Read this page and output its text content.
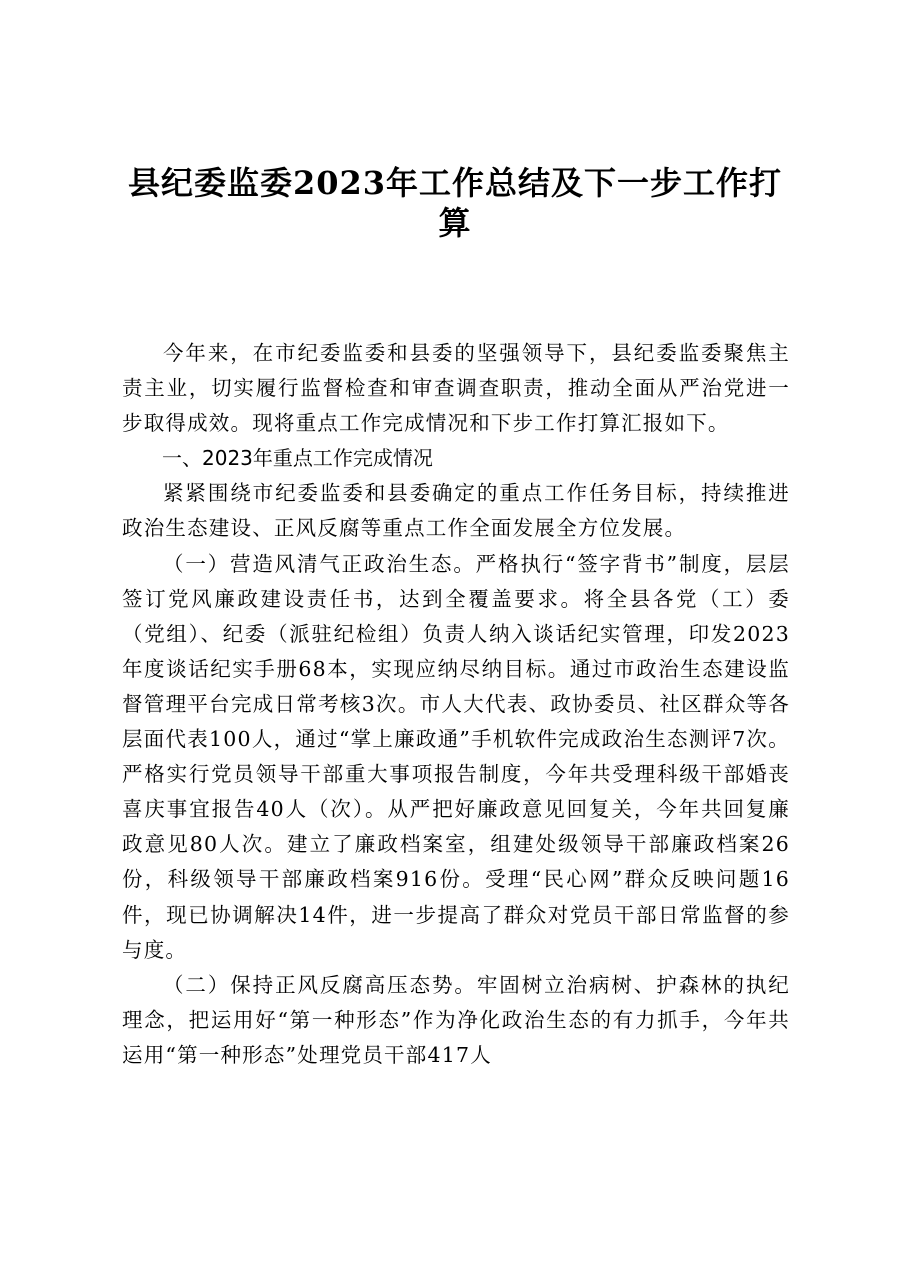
县纪委监委2023年工作总结及下一步工作打
算

今年来，在市纪委监委和县委的坚强领导下，县纪委监委聚焦主责主业，切实履行监督检查和审查调查职责，推动全面从严治党进一步取得成效。现将重点工作完成情况和下步工作打算汇报如下。

一、2023年重点工作完成情况

紧紧围绕市纪委监委和县委确定的重点工作任务目标，持续推进政治生态建设、正风反腐等重点工作全面发展全方位发展。

（一）营造风清气正政治生态。严格执行“签字背书”制度，层层签订党风廉政建设责任书，达到全覆盖要求。将全县各党（工）委（党组）、纪委（派驻纪检组）负责人纳入谈话纪实管理，印发2023年度谈话纪实手册68本，实现应纳尽纳目标。通过市政治生态建设监督管理平台完成日常考核3次。市人大代表、政协委员、社区群众等各层面代表100人，通过“掌上廉政通”手机软件完成政治生态测评7次。严格实行党员领导干部重大事项报告制度，今年共受理科级干部婚丧喜庆事宜报告40人（次）。从严把好廉政意见回复关，今年共回复廉政意见80人次。建立了廉政档案室，组建处级领导干部廉政档案26份，科级领导干部廉政档案916份。受理“民心网”群众反映问题16件，现已协调解决14件，进一步提高了群众对党员干部日常监督的参与度。

（二）保持正风反腐高压态势。牢固树立治病树、护森林的执纪理念，把运用好“第一种形态”作为净化政治生态的有力抓手，今年共运用“第一种形态”处理党员干部417人
